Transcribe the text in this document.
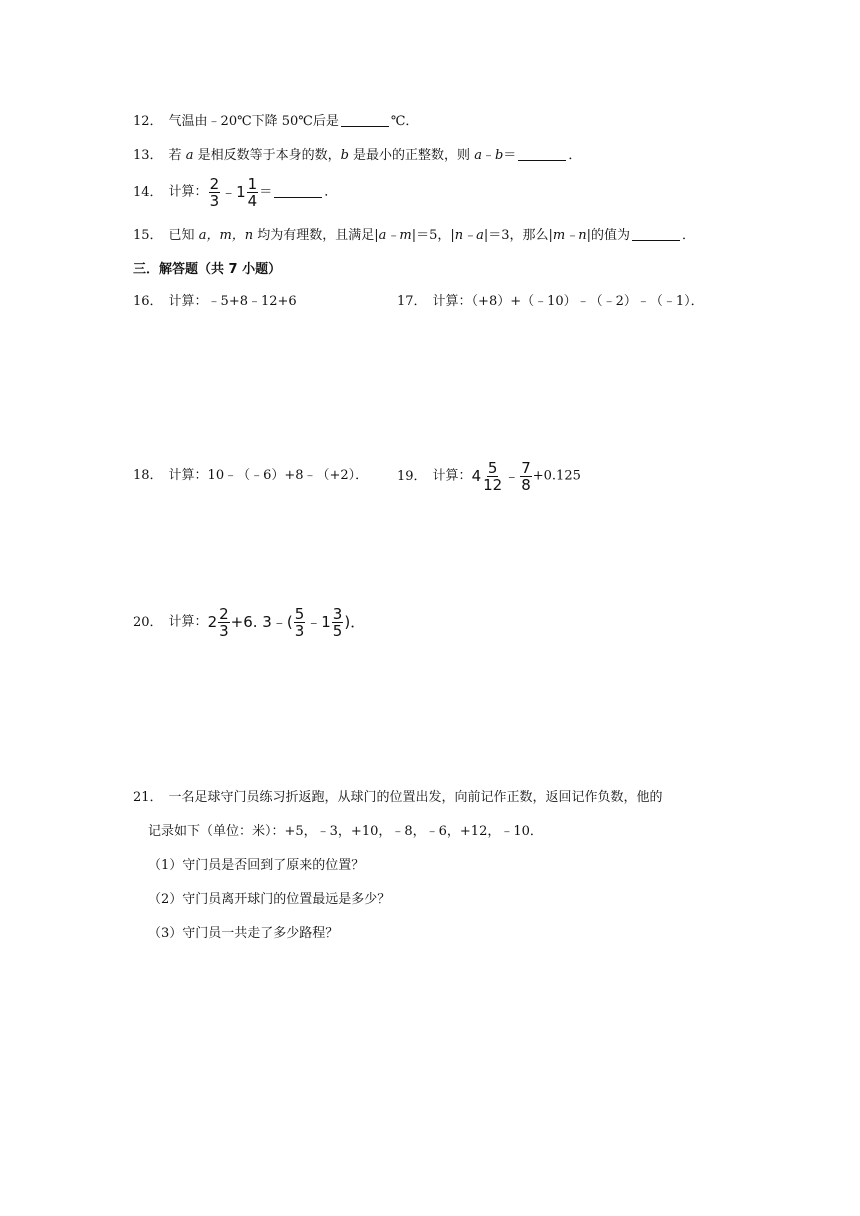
12． 气温由﹣20℃下降 50℃后是	℃．
13． 若 a 是相反数等于本身的数，b 是最小的正整数，则 a﹣b＝	．
14． 计算： $\frac{2}{3}$ ﹣1 $\frac{1}{4}$ ＝	．
15． 已知 a，m，n 均为有理数，且满足|a﹣m|＝5，|n﹣a|＝3，那么|m﹣n|的值为	．
三．解答题（共 7 小题）
16． 计算：﹣5+8﹣12+6	17． 计算：（+8）+（﹣10）﹣（﹣2）﹣（﹣1）．
18． 计算：10﹣（﹣6）+8﹣（+2）． 19． 计算：$4 \frac{5}{12}$ ﹣ $\frac{7}{8} +0.125$
20． 计算：$2 \frac{2}{3} +6$. 3﹣( $\frac{5}{3}$ ﹣1 $\frac{3}{5}$ )．
21． 一名足球守门员练习折返跑，从球门的位置出发，向前记作正数，返回记作负数，他的
记录如下（单位：米）：+5，﹣3，+10，﹣8，﹣6，+12，﹣10．
（1）守门员是否回到了原来的位置？
（2）守门员离开球门的位置最远是多少？
（3）守门员一共走了多少路程？
